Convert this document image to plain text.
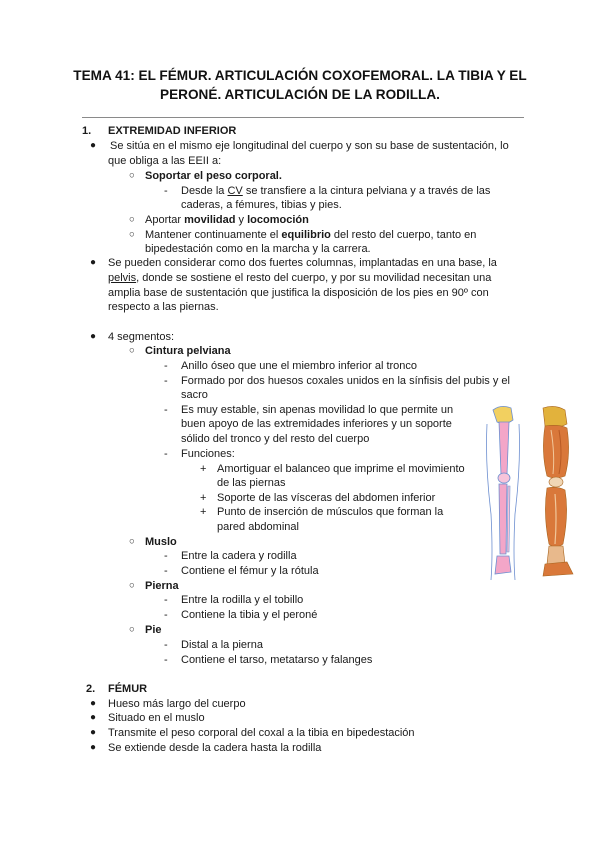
TEMA 41: EL FÉMUR. ARTICULACIÓN COXOFEMORAL. LA TIBIA Y EL
PERONÉ. ARTICULACIÓN DE LA RODILLA.
1. EXTREMIDAD INFERIOR
● Se sitúa en el mismo eje longitudinal del cuerpo y son su base de sustentación, lo
que obliga a las EEII a:
○ Soportar el peso corporal.
- Desde la CV se transfiere a la cintura pelviana y a través de las
caderas, a fémures, tibias y pies.
○ Aportar movilidad y locomoción
○ Mantener continuamente el equilibrio del resto del cuerpo, tanto en
bipedestación como en la marcha y la carrera.
● Se pueden considerar como dos fuertes columnas, implantadas en una base, la
pelvis, donde se sostiene el resto del cuerpo, y por su movilidad necesitan una
amplia base de sustentación que justifica la disposición de los pies en 90º con
respecto a las piernas.
● 4 segmentos:
○ Cintura pelviana
- Anillo óseo que une el miembro inferior al tronco
- Formado por dos huesos coxales unidos en la sínfisis del pubis y el
sacro
- Es muy estable, sin apenas movilidad lo que permite un
buen apoyo de las extremidades inferiores y un soporte
sólido del tronco y del resto del cuerpo
- Funciones:
+ Amortiguar el balanceo que imprime el movimiento
de las piernas
+ Soporte de las vísceras del abdomen inferior
+ Punto de inserción de músculos que forman la
pared abdominal
○ Muslo
- Entre la cadera y rodilla
- Contiene el fémur y la rótula
○ Pierna
- Entre la rodilla y el tobillo
- Contiene la tibia y el peroné
○ Pie
- Distal a la pierna
- Contiene el tarso, metatarso y falanges
2. FÉMUR
● Hueso más largo del cuerpo
● Situado en el muslo
● Transmite el peso corporal del coxal a la tibia en bipedestación
● Se extiende desde la cadera hasta la rodilla
